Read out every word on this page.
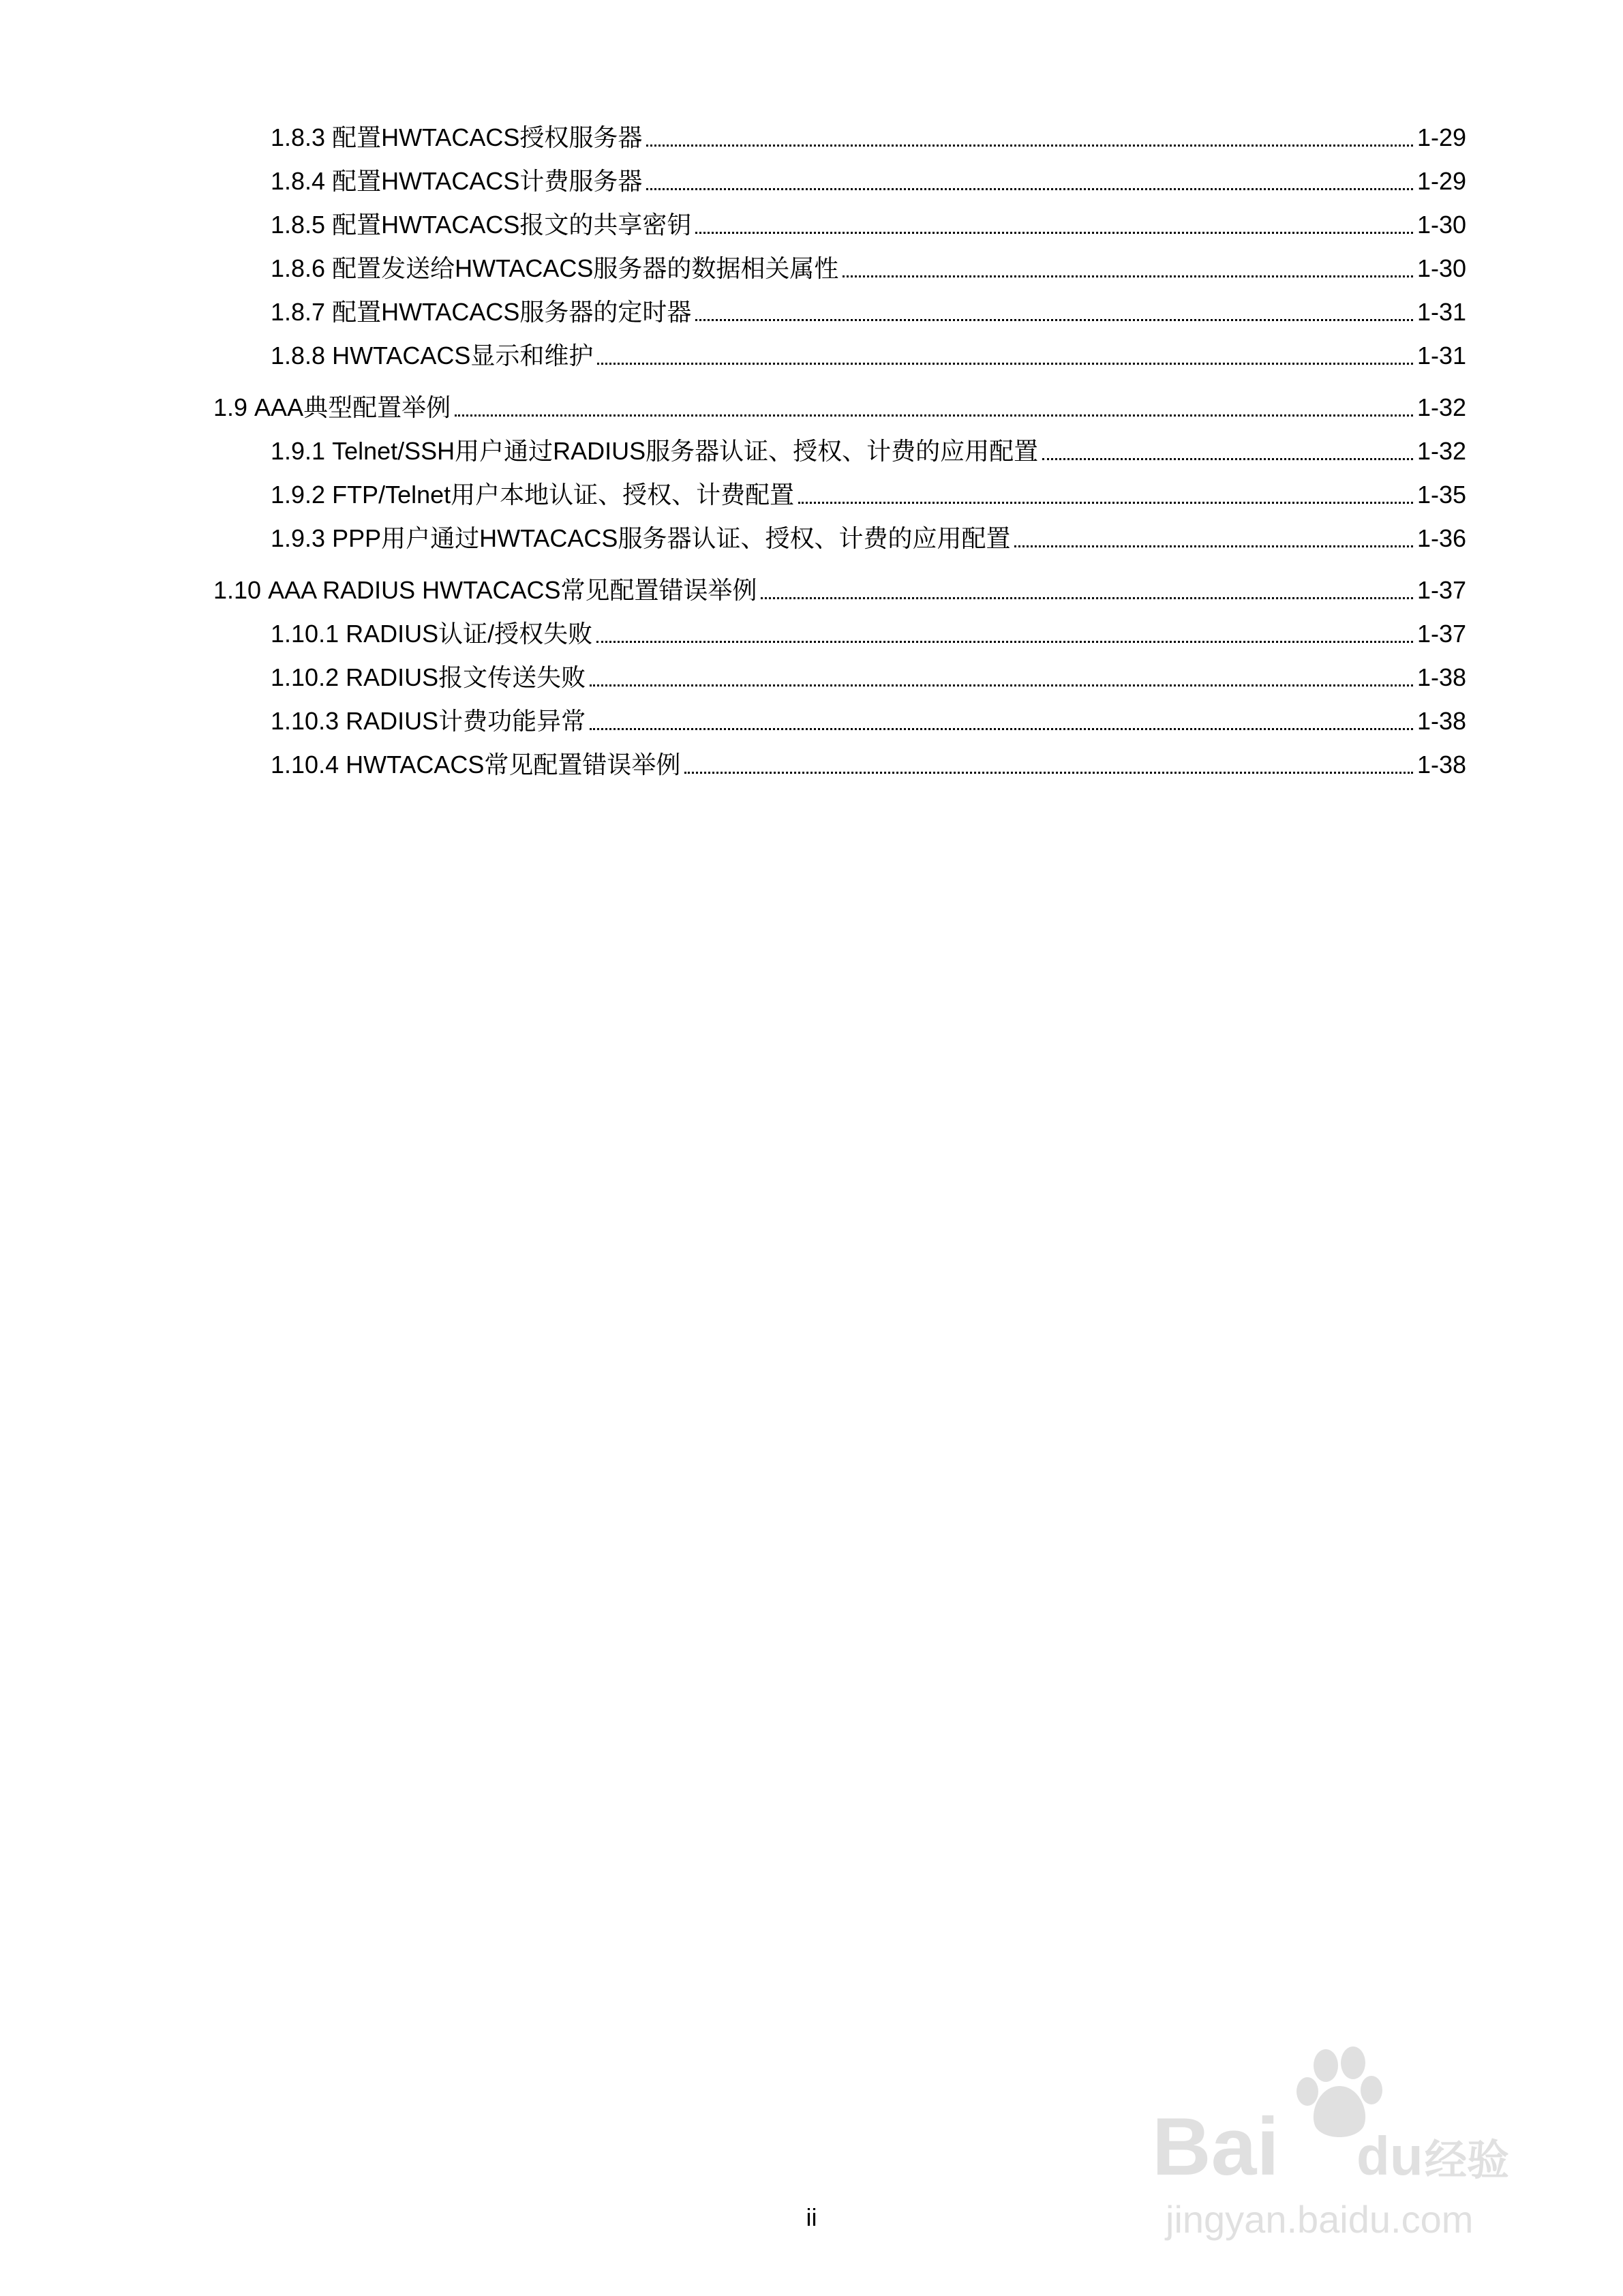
1.8.3 配置HWTACACS授权服务器	1-29
1.8.4 配置HWTACACS计费服务器	1-29
1.8.5 配置HWTACACS报文的共享密钥	1-30
1.8.6 配置发送给HWTACACS服务器的数据相关属性	1-30
1.8.7 配置HWTACACS服务器的定时器	1-31
1.8.8 HWTACACS显示和维护	1-31
1.9 AAA典型配置举例	1-32
1.9.1 Telnet/SSH用户通过RADIUS服务器认证、授权、计费的应用配置	1-32
1.9.2 FTP/Telnet用户本地认证、授权、计费配置	1-35
1.9.3 PPP用户通过HWTACACS服务器认证、授权、计费的应用配置	1-36
1.10 AAA RADIUS HWTACACS常见配置错误举例	1-37
1.10.1 RADIUS认证/授权失败	1-37
1.10.2 RADIUS报文传送失败	1-38
1.10.3 RADIUS计费功能异常	1-38
1.10.4 HWTACACS常见配置错误举例	1-38
ii
Bai du 经验
jingyan.baidu.com
